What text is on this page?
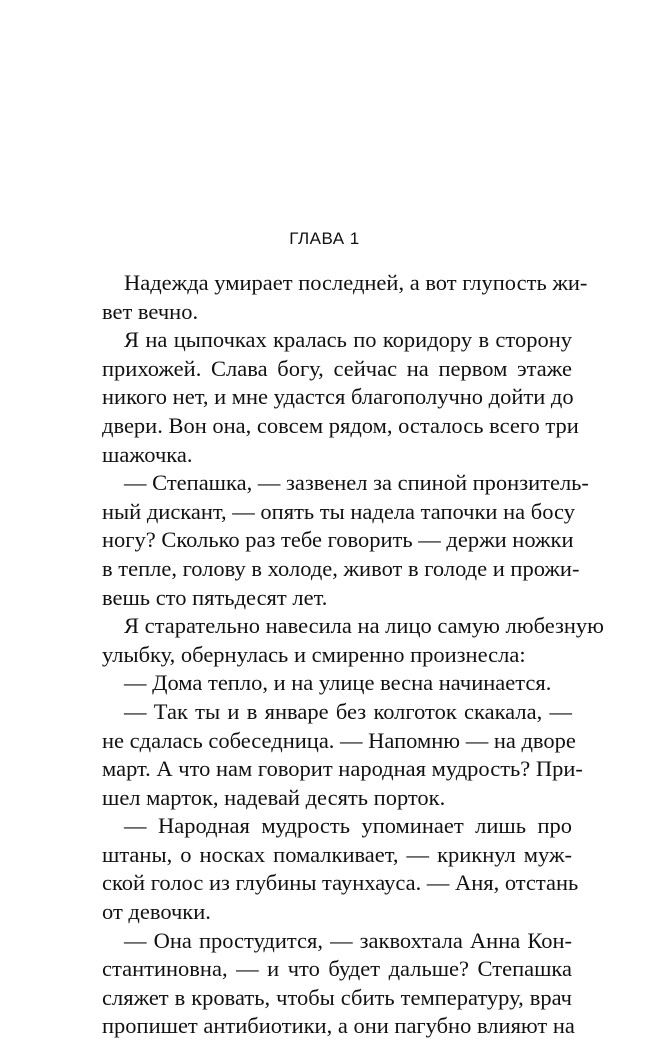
ГЛАВА 1
Надежда умирает последней, а вот глупость жи-
вет вечно.
Я на цыпочках кралась по коридору в сторону
прихожей. Слава богу, сейчас на первом этаже
никого нет, и мне удастся благополучно дойти до
двери. Вон она, совсем рядом, осталось всего три
шажочка.
— Степашка, — зазвенел за спиной пронзитель-
ный дискант, — опять ты надела тапочки на босу
ногу? Сколько раз тебе говорить — держи ножки
в тепле, голову в холоде, живот в голоде и прожи-
вешь сто пятьдесят лет.
Я старательно навесила на лицо самую любезную
улыбку, обернулась и смиренно произнесла:
— Дома тепло, и на улице весна начинается.
— Так ты и в январе без колготок скакала, —
не сдалась собеседница. — Напомню — на дворе
март. А что нам говорит народная мудрость? При-
шел марток, надевай десять порток.
— Народная мудрость упоминает лишь про
штаны, о носках помалкивает, — крикнул муж-
ской голос из глубины таунхауса. — Аня, отстань
от девочки.
— Она простудится, — заквохтала Анна Кон-
стантиновна, — и что будет дальше? Степашка
сляжет в кровать, чтобы сбить температуру, врач
пропишет антибиотики, а они пагубно влияют на
